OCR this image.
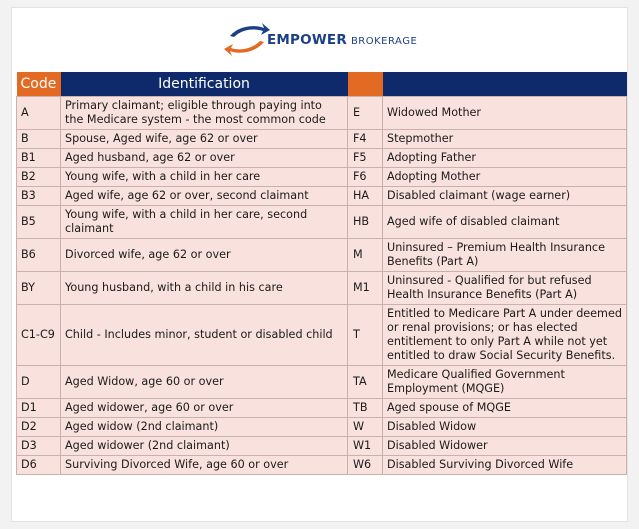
EMPOWER BROKERAGE
Code	Identification		
A	Primary claimant; eligible through paying into the Medicare system - the most common code	E	Widowed Mother
B	Spouse, Aged wife, age 62 or over	F4	Stepmother
B1	Aged husband, age 62 or over	F5	Adopting Father
B2	Young wife, with a child in her care	F6	Adopting Mother
B3	Aged wife, age 62 or over, second claimant	HA	Disabled claimant (wage earner)
B5	Young wife, with a child in her care, second claimant	HB	Aged wife of disabled claimant
B6	Divorced wife, age 62 or over	M	Uninsured – Premium Health Insurance Benefits (Part A)
BY	Young husband, with a child in his care	M1	Uninsured - Qualified for but refused Health Insurance Benefits (Part A)
C1-C9	Child - Includes minor, student or disabled child	T	Entitled to Medicare Part A under deemed or renal provisions; or has elected entitlement to only Part A while not yet entitled to draw Social Security Benefits.
D	Aged Widow, age 60 or over	TA	Medicare Qualified Government Employment (MQGE)
D1	Aged widower, age 60 or over	TB	Aged spouse of MQGE
D2	Aged widow (2nd claimant)	W	Disabled Widow
D3	Aged widower (2nd claimant)	W1	Disabled Widower
D6	Surviving Divorced Wife, age 60 or over	W6	Disabled Surviving Divorced Wife
